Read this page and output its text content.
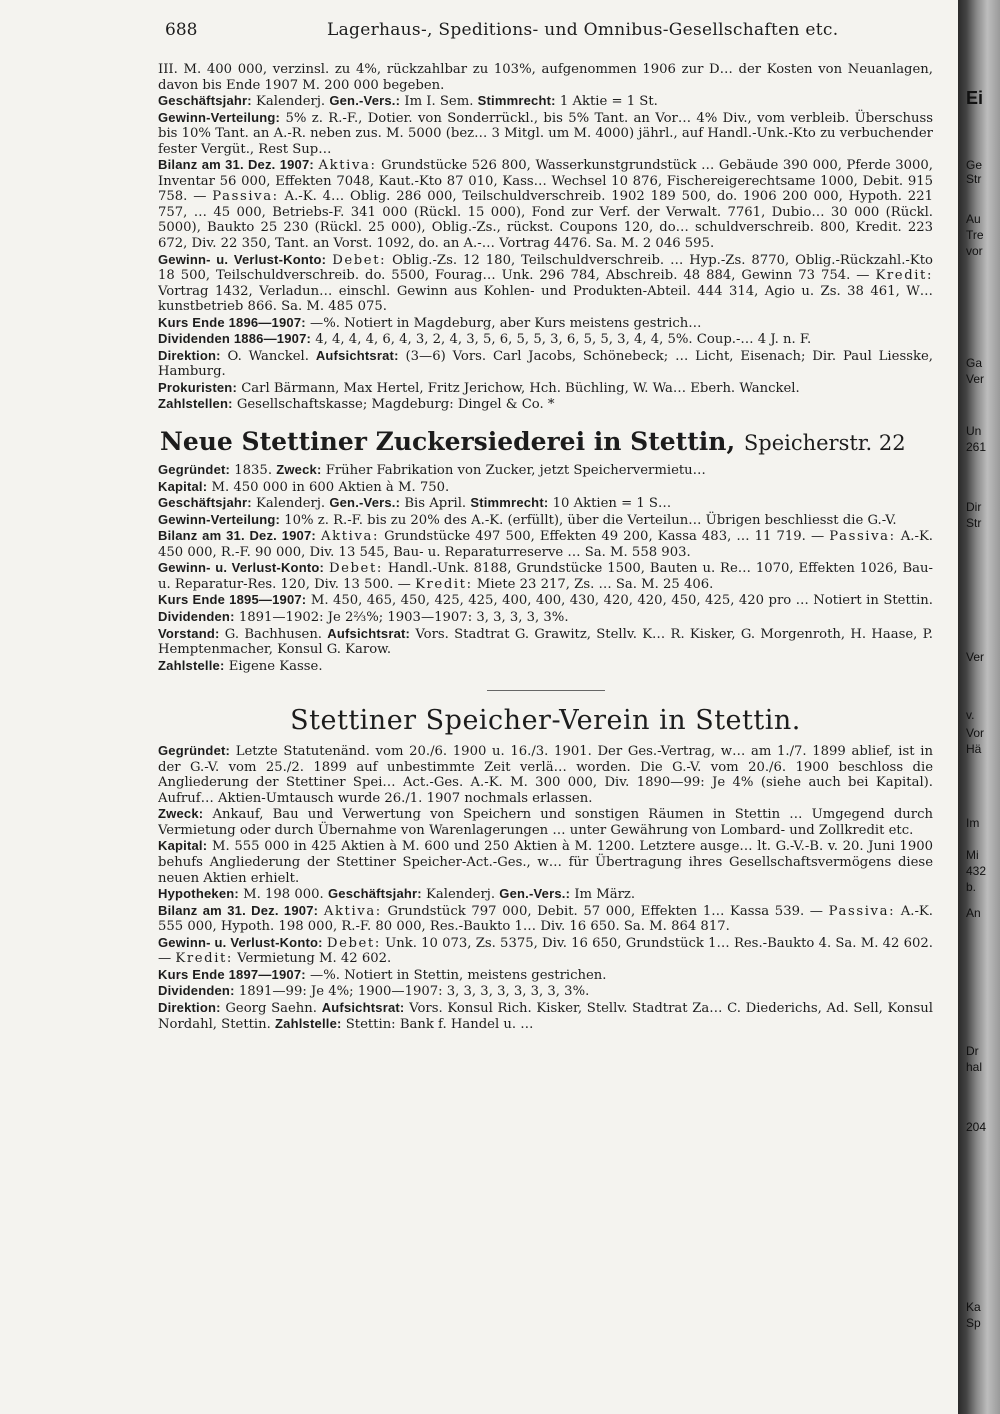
688	Lagerhaus-, Speditions- und Omnibus-Gesellschaften etc.

III. M. 400 000, verzinsl. zu 4%, rückzahlbar zu 103%, aufgenommen 1906 zur D… der Kosten von Neuanlagen, davon bis Ende 1907 M. 200 000 begeben.

Geschäftsjahr: Kalenderj. Gen.-Vers.: Im I. Sem. Stimmrecht: 1 Aktie = 1 St.

Gewinn-Verteilung: 5% z. R.-F., Dotier. von Sonderrückl., bis 5% Tant. an Vor… 4% Div., vom verbleib. Überschuss bis 10% Tant. an A.-R. neben zus. M. 5000 (bez… 3 Mitgl. um M. 4000) jährl., auf Handl.-Unk.-Kto zu verbuchender fester Vergüt., Rest Sup…

Bilanz am 31. Dez. 1907: Aktiva: Grundstücke 526 800, Wasserkunstgrundstück … Gebäude 390 000, Pferde 3000, Inventar 56 000, Effekten 7048, Kaut.-Kto 87 010, Kass… Wechsel 10 876, Fischereigerechtsame 1000, Debit. 915 758. — Passiva: A.-K. 4… Oblig. 286 000, Teilschuldverschreib. 1902 189 500, do. 1906 200 000, Hypoth. 221 757, … 45 000, Betriebs-F. 341 000 (Rückl. 15 000), Fond zur Verf. der Verwalt. 7761, Dubio… 30 000 (Rückl. 5000), Baukto 25 230 (Rückl. 25 000), Oblig.-Zs., rückst. Coupons 120, do… schuldverschreib. 800, Kredit. 223 672, Div. 22 350, Tant. an Vorst. 1092, do. an A.-… Vortrag 4476. Sa. M. 2 046 595.

Gewinn- u. Verlust-Konto: Debet: Oblig.-Zs. 12 180, Teilschuldverschreib. … Hyp.-Zs. 8770, Oblig.-Rückzahl.-Kto 18 500, Teilschuldverschreib. do. 5500, Fourag… Unk. 296 784, Abschreib. 48 884, Gewinn 73 754. — Kredit: Vortrag 1432, Verladun… einschl. Gewinn aus Kohlen- und Produkten-Abteil. 444 314, Agio u. Zs. 38 461, W… kunstbetrieb 866. Sa. M. 485 075.

Kurs Ende 1896—1907: —%. Notiert in Magdeburg, aber Kurs meistens gestrich…

Dividenden 1886—1907: 4, 4, 4, 4, 6, 4, 3, 2, 4, 3, 5, 6, 5, 5, 3, 6, 5, 5, 3, 4, 4, 5%. Coup.-… 4 J. n. F.

Direktion: O. Wanckel. Aufsichtsrat: (3—6) Vors. Carl Jacobs, Schönebeck; … Licht, Eisenach; Dir. Paul Liesske, Hamburg.

Prokuristen: Carl Bärmann, Max Hertel, Fritz Jerichow, Hch. Büchling, W. Wa… Eberh. Wanckel.

Zahlstellen: Gesellschaftskasse; Magdeburg: Dingel & Co. *

Neue Stettiner Zuckersiederei in Stettin, Speicherstr. 22

Gegründet: 1835. Zweck: Früher Fabrikation von Zucker, jetzt Speichervermietu…

Kapital: M. 450 000 in 600 Aktien à M. 750.

Geschäftsjahr: Kalenderj. Gen.-Vers.: Bis April. Stimmrecht: 10 Aktien = 1 S…

Gewinn-Verteilung: 10% z. R.-F. bis zu 20% des A.-K. (erfüllt), über die Verteilun… Übrigen beschliesst die G.-V.

Bilanz am 31. Dez. 1907: Aktiva: Grundstücke 497 500, Effekten 49 200, Kassa 483, … 11 719. — Passiva: A.-K. 450 000, R.-F. 90 000, Div. 13 545, Bau- u. Reparaturreserve … Sa. M. 558 903.

Gewinn- u. Verlust-Konto: Debet: Handl.-Unk. 8188, Grundstücke 1500, Bauten u. Re… 1070, Effekten 1026, Bau- u. Reparatur-Res. 120, Div. 13 500. — Kredit: Miete 23 217, Zs. … Sa. M. 25 406.

Kurs Ende 1895—1907: M. 450, 465, 450, 425, 425, 400, 400, 430, 420, 420, 450, 425, 420 pro … Notiert in Stettin. Dividenden: 1891—1902: Je 2⅔%; 1903—1907: 3, 3, 3, 3, 3%.

Vorstand: G. Bachhusen. Aufsichtsrat: Vors. Stadtrat G. Grawitz, Stellv. K… R. Kisker, G. Morgenroth, H. Haase, P. Hemptenmacher, Konsul G. Karow.

Zahlstelle: Eigene Kasse.

Stettiner Speicher-Verein in Stettin.

Gegründet: Letzte Statutenänd. vom 20./6. 1900 u. 16./3. 1901. Der Ges.-Vertrag, w… am 1./7. 1899 ablief, ist in der G.-V. vom 25./2. 1899 auf unbestimmte Zeit verlä… worden. Die G.-V. vom 20./6. 1900 beschloss die Angliederung der Stettiner Spei… Act.-Ges. A.-K. M. 300 000, Div. 1890—99: Je 4% (siehe auch bei Kapital). Aufruf… Aktien-Umtausch wurde 26./1. 1907 nochmals erlassen.

Zweck: Ankauf, Bau und Verwertung von Speichern und sonstigen Räumen in Stettin … Umgegend durch Vermietung oder durch Übernahme von Warenlagerungen … unter Gewährung von Lombard- und Zollkredit etc.

Kapital: M. 555 000 in 425 Aktien à M. 600 und 250 Aktien à M. 1200. Letztere ausge… lt. G.-V.-B. v. 20. Juni 1900 behufs Angliederung der Stettiner Speicher-Act.-Ges., w… für Übertragung ihres Gesellschaftsvermögens diese neuen Aktien erhielt.

Hypotheken: M. 198 000. Geschäftsjahr: Kalenderj. Gen.-Vers.: Im März.

Bilanz am 31. Dez. 1907: Aktiva: Grundstück 797 000, Debit. 57 000, Effekten 1… Kassa 539. — Passiva: A.-K. 555 000, Hypoth. 198 000, R.-F. 80 000, Res.-Baukto 1… Div. 16 650. Sa. M. 864 817.

Gewinn- u. Verlust-Konto: Debet: Unk. 10 073, Zs. 5375, Div. 16 650, Grundstück 1… Res.-Baukto 4. Sa. M. 42 602. — Kredit: Vermietung M. 42 602.

Kurs Ende 1897—1907: —%. Notiert in Stettin, meistens gestrichen.

Dividenden: 1891—99: Je 4%; 1900—1907: 3, 3, 3, 3, 3, 3, 3, 3%.

Direktion: Georg Saehn. Aufsichtsrat: Vors. Konsul Rich. Kisker, Stellv. Stadtrat Za… C. Diederichs, Ad. Sell, Konsul Nordahl, Stettin. Zahlstelle: Stettin: Bank f. Handel u. …

Ei
Ge
Str
Au
Tre
vor
Ga
Ver
Un
261
Dir
Str
Ver
v.
Vor
Hä
Im
Mi
432
b.
An
Dr
hal
204
Ka
Sp
